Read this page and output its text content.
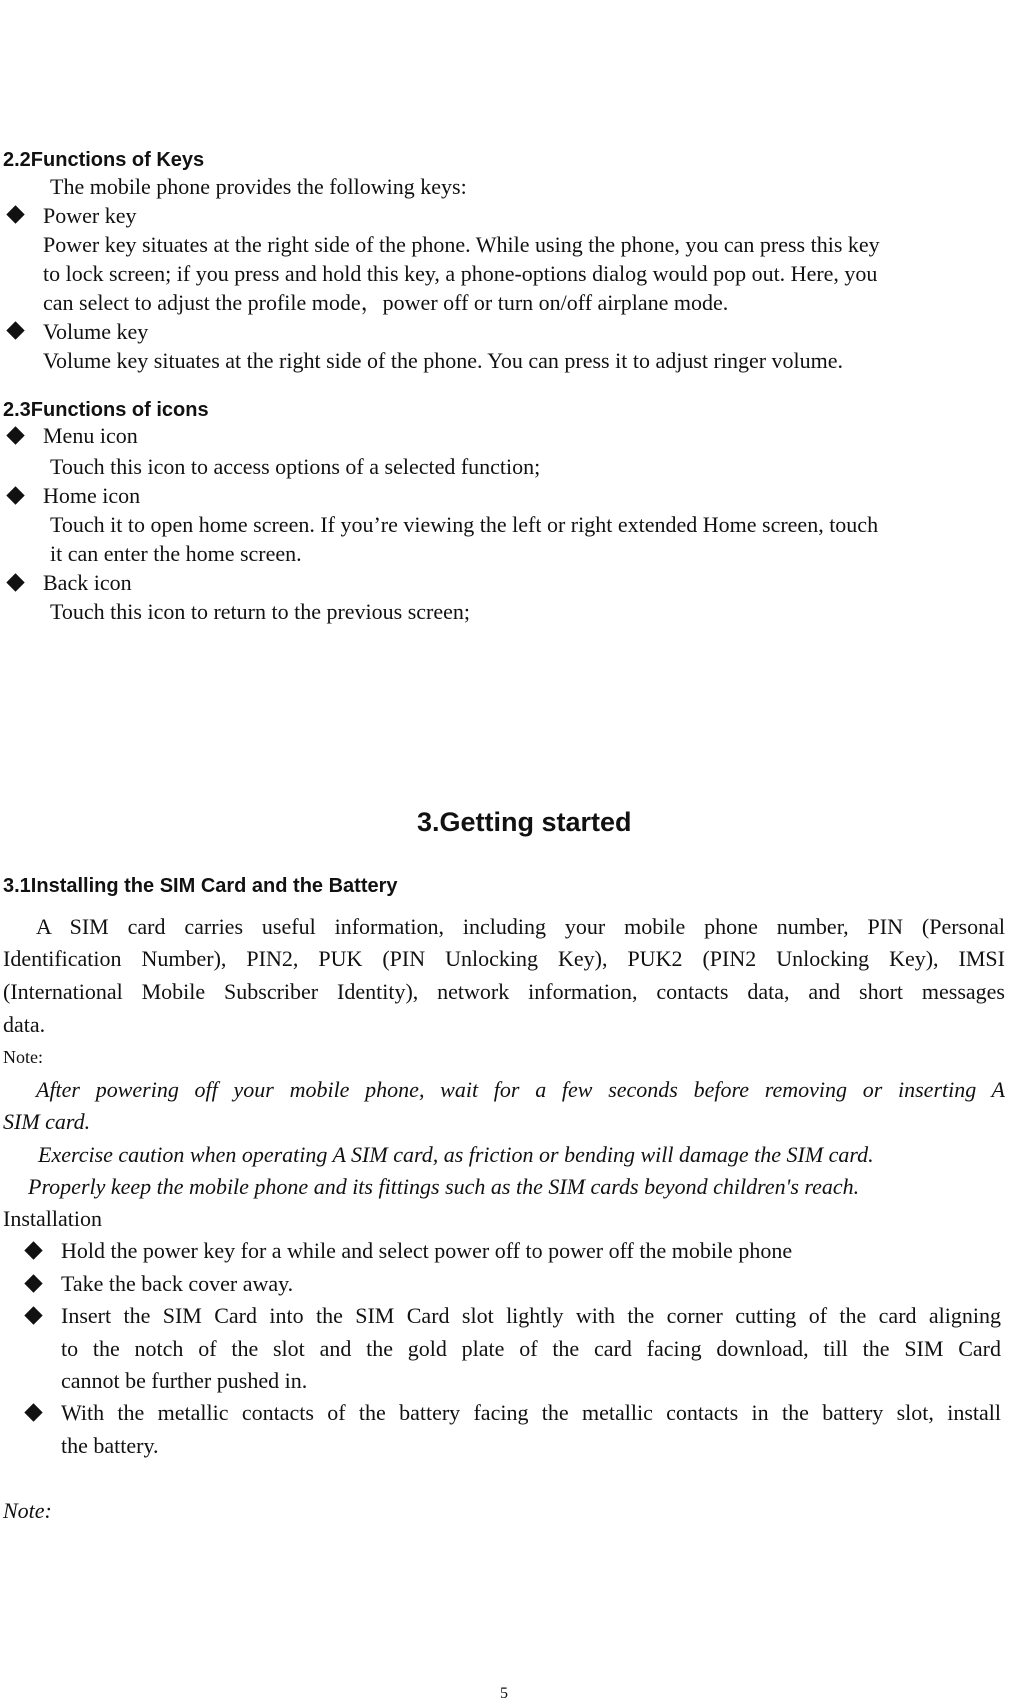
2.2Functions of Keys
The mobile phone provides the following keys:
Power key
Power key situates at the right side of the phone. While using the phone, you can press this key
to lock screen; if you press and hold this key, a phone-options dialog would pop out. Here, you
can select to adjust the profile mode，power off or turn on/off airplane mode.
Volume key
Volume key situates at the right side of the phone. You can press it to adjust ringer volume.
2.3Functions of icons
Menu icon
Touch this icon to access options of a selected function;
Home icon
Touch it to open home screen. If you’re viewing the left or right extended Home screen, touch
it can enter the home screen.
Back icon
Touch this icon to return to the previous screen;
3.Getting started
3.1Installing the SIM Card and the Battery
A SIM card carries useful information, including your mobile phone number, PIN (Personal
Identification Number), PIN2, PUK (PIN Unlocking Key), PUK2 (PIN2 Unlocking Key), IMSI
(International Mobile Subscriber Identity), network information, contacts data, and short messages
data.
Note:
After powering off your mobile phone, wait for a few seconds before removing or inserting A
SIM card.
Exercise caution when operating A SIM card, as friction or bending will damage the SIM card.
Properly keep the mobile phone and its fittings such as the SIM cards beyond children's reach.
Installation
Hold the power key for a while and select power off to power off the mobile phone
Take the back cover away.
Insert the SIM Card into the SIM Card slot lightly with the corner cutting of the card aligning
to the notch of the slot and the gold plate of the card facing download, till the SIM Card
cannot be further pushed in.
With the metallic contacts of the battery facing the metallic contacts in the battery slot, install
the battery.
Note:
5
